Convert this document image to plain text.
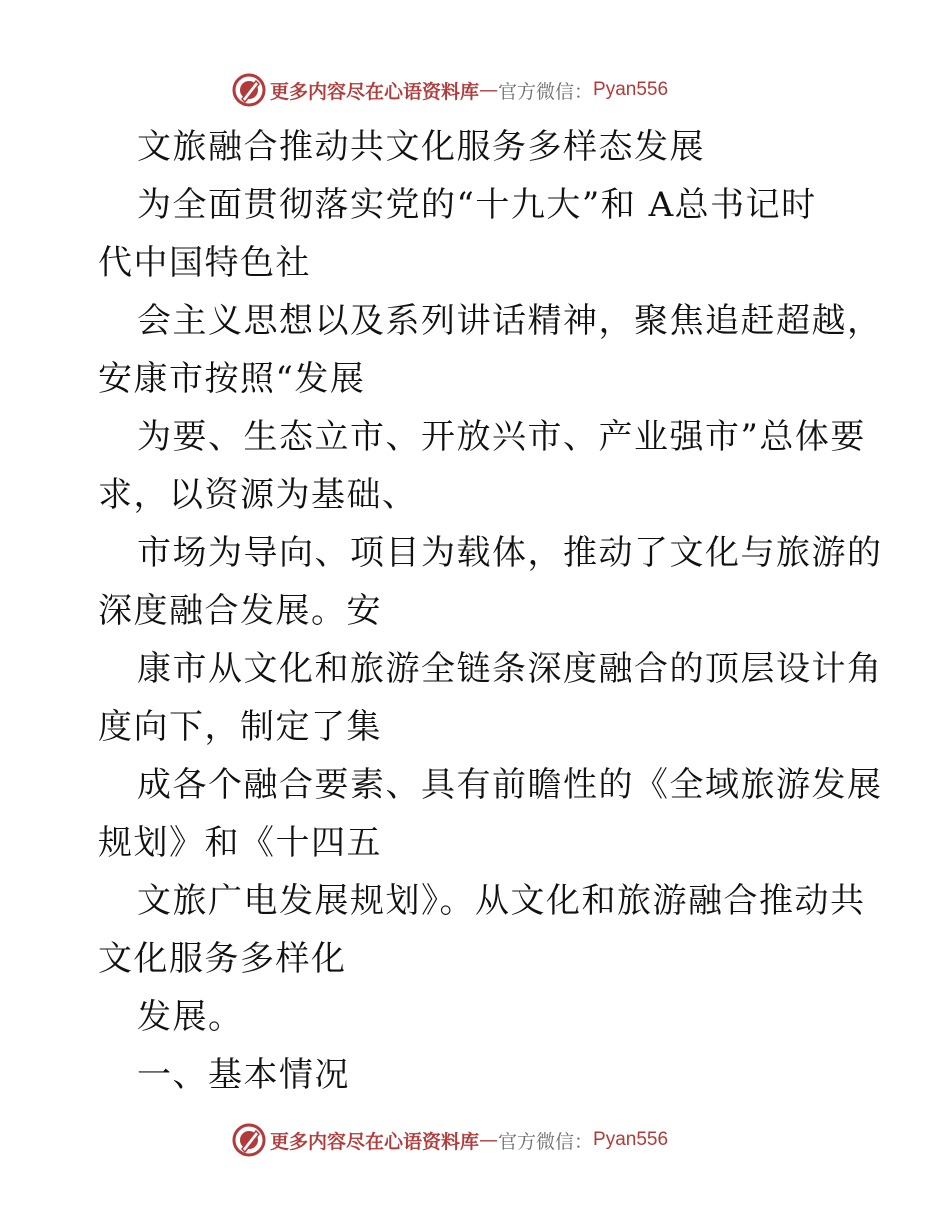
更多内容尽在心语资料库 — 官方微信： Pyan556
文旅融合推动共文化服务多样态发展
为全面贯彻落实党的“十九大”和 A总书记时
代中国特色社
会主义思想以及系列讲话精神，聚焦追赶超越，
安康市按照“发展
为要、生态立市、开放兴市、产业强市”总体要
求，以资源为基础、
市场为导向、项目为载体，推动了文化与旅游的
深度融合发展。安
康市从文化和旅游全链条深度融合的顶层设计角
度向下，制定了集
成各个融合要素、具有前瞻性的《全域旅游发展
规划》和《十四五
文旅广电发展规划》。从文化和旅游融合推动共
文化服务多样化
发展。
一、基本情况
更多内容尽在心语资料库 — 官方微信： Pyan556
